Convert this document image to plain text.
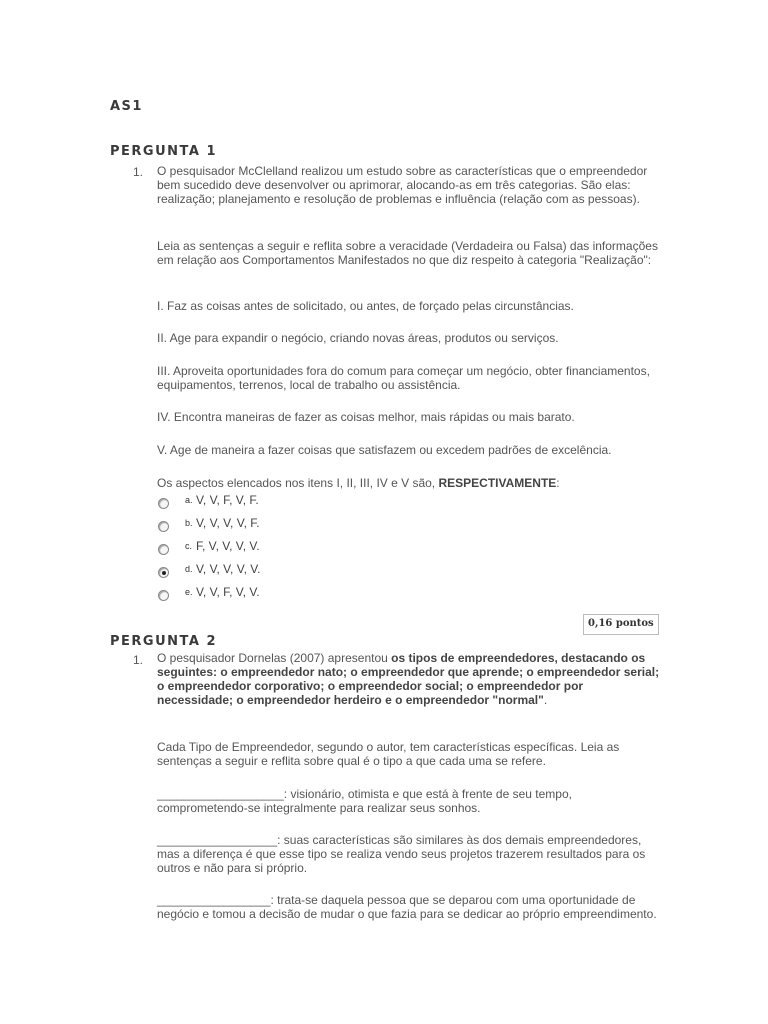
AS1
PERGUNTA 1
1. O pesquisador McClelland realizou um estudo sobre as características que o empreendedor bem sucedido deve desenvolver ou aprimorar, alocando-as em três categorias. São elas: realização; planejamento e resolução de problemas e influência (relação com as pessoas).
Leia as sentenças a seguir e reflita sobre a veracidade (Verdadeira ou Falsa) das informações em relação aos Comportamentos Manifestados no que diz respeito à categoria "Realização":
I. Faz as coisas antes de solicitado, ou antes, de forçado pelas circunstâncias.
II. Age para expandir o negócio, criando novas áreas, produtos ou serviços.
III. Aproveita oportunidades fora do comum para começar um negócio, obter financiamentos, equipamentos, terrenos, local de trabalho ou assistência.
IV. Encontra maneiras de fazer as coisas melhor, mais rápidas ou mais barato.
V. Age de maneira a fazer coisas que satisfazem ou excedem padrões de excelência.
Os aspectos elencados nos itens I, II, III, IV e V são, RESPECTIVAMENTE:
a. V, V, F, V, F.
b. V, V, V, V, F.
c. F, V, V, V, V.
d. V, V, V, V, V.
e. V, V, F, V, V.
0,16 pontos
PERGUNTA 2
1. O pesquisador Dornelas (2007) apresentou os tipos de empreendedores, destacando os seguintes: o empreendedor nato; o empreendedor que aprende; o empreendedor serial; o empreendedor corporativo; o empreendedor social; o empreendedor por necessidade; o empreendedor herdeiro e o empreendedor "normal".
Cada Tipo de Empreendedor, segundo o autor, tem características específicas. Leia as sentenças a seguir e reflita sobre qual é o tipo a que cada uma se refere.
___________________: visionário, otimista e que está à frente de seu tempo, comprometendo-se integralmente para realizar seus sonhos.
__________________: suas características são similares às dos demais empreendedores, mas a diferença é que esse tipo se realiza vendo seus projetos trazerem resultados para os outros e não para si próprio.
_________________: trata-se daquela pessoa que se deparou com uma oportunidade de negócio e tomou a decisão de mudar o que fazia para se dedicar ao próprio empreendimento.
